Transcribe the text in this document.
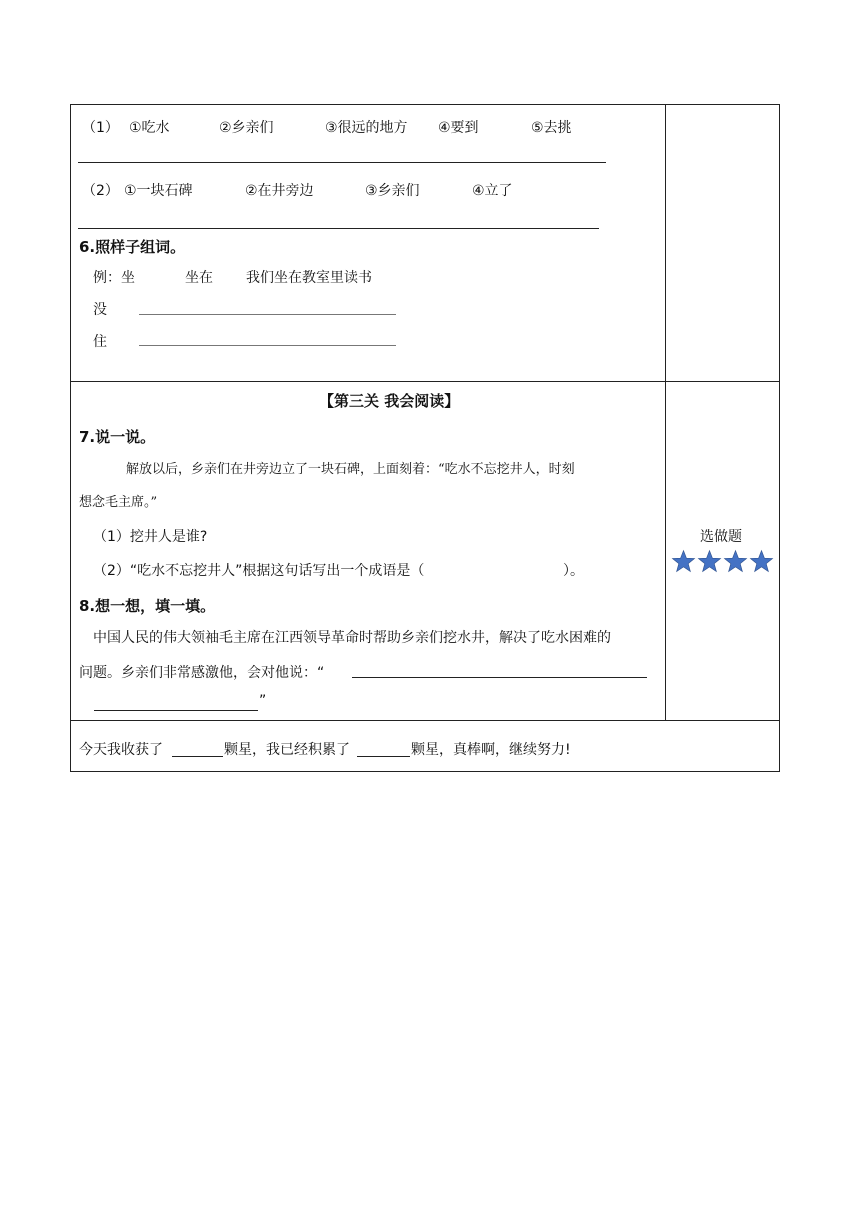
（1） ①吃水	②乡亲们	③很远的地方 ④要到	⑤去挑
（2） ①一块石碑	②在井旁边	③乡亲们	④立了
6.照样子组词。
例：坐	坐在 我们坐在教室里读书
没
住
【第三关 我会阅读】
7.说一说。
解放以后，乡亲们在井旁边立了一块石碑，上面刻着：“吃水不忘挖井人，时刻
想念毛主席。”
（1）挖井人是谁?
（2）“吃水不忘挖井人”根据这句话写出一个成语是（	）。
8.想一想，填一填。
中国人民的伟大领袖毛主席在江西领导革命时帮助乡亲们挖水井，解决了吃水困难的
问题。乡亲们非常感激他，会对他说：“
”
选做题
今天我收获了	颗星，我已经积累了	颗星，真棒啊，继续努力!
